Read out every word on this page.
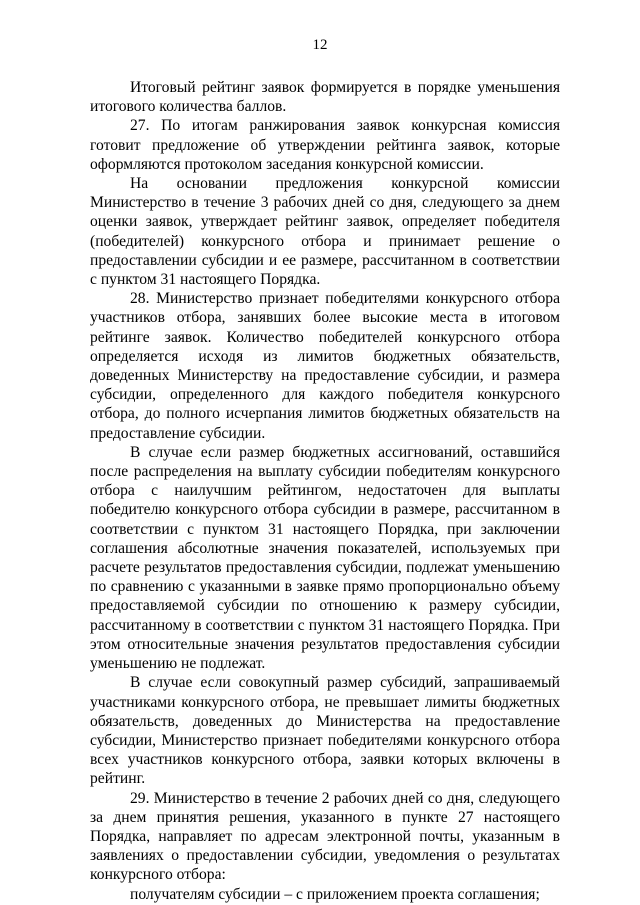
12

Итоговый рейтинг заявок формируется в порядке уменьшения итогового количества баллов.

27. По итогам ранжирования заявок конкурсная комиссия готовит предложение об утверждении рейтинга заявок, которые оформляются протоколом заседания конкурсной комиссии.

На основании предложения конкурсной комиссии Министерство в течение 3 рабочих дней со дня, следующего за днем оценки заявок, утверждает рейтинг заявок, определяет победителя (победителей) конкурсного отбора и принимает решение о предоставлении субсидии и ее размере, рассчитанном в соответствии с пунктом 31 настоящего Порядка.

28. Министерство признает победителями конкурсного отбора участников отбора, занявших более высокие места в итоговом рейтинге заявок. Количество победителей конкурсного отбора определяется исходя из лимитов бюджетных обязательств, доведенных Министерству на предоставление субсидии, и размера субсидии, определенного для каждого победителя конкурсного отбора, до полного исчерпания лимитов бюджетных обязательств на предоставление субсидии.

В случае если размер бюджетных ассигнований, оставшийся после распределения на выплату субсидии победителям конкурсного отбора с наилучшим рейтингом, недостаточен для выплаты победителю конкурсного отбора субсидии в размере, рассчитанном в соответствии с пунктом 31 настоящего Порядка, при заключении соглашения абсолютные значения показателей, используемых при расчете результатов предоставления субсидии, подлежат уменьшению по сравнению с указанными в заявке прямо пропорционально объему предоставляемой субсидии по отношению к размеру субсидии, рассчитанному в соответствии с пунктом 31 настоящего Порядка. При этом относительные значения результатов предоставления субсидии уменьшению не подлежат.

В случае если совокупный размер субсидий, запрашиваемый участниками конкурсного отбора, не превышает лимиты бюджетных обязательств, доведенных до Министерства на предоставление субсидии, Министерство признает победителями конкурсного отбора всех участников конкурсного отбора, заявки которых включены в рейтинг.

29. Министерство в течение 2 рабочих дней со дня, следующего за днем принятия решения, указанного в пункте 27 настоящего Порядка, направляет по адресам электронной почты, указанным в заявлениях о предоставлении субсидии, уведомления о результатах конкурсного отбора:

получателям субсидии – с приложением проекта соглашения;
